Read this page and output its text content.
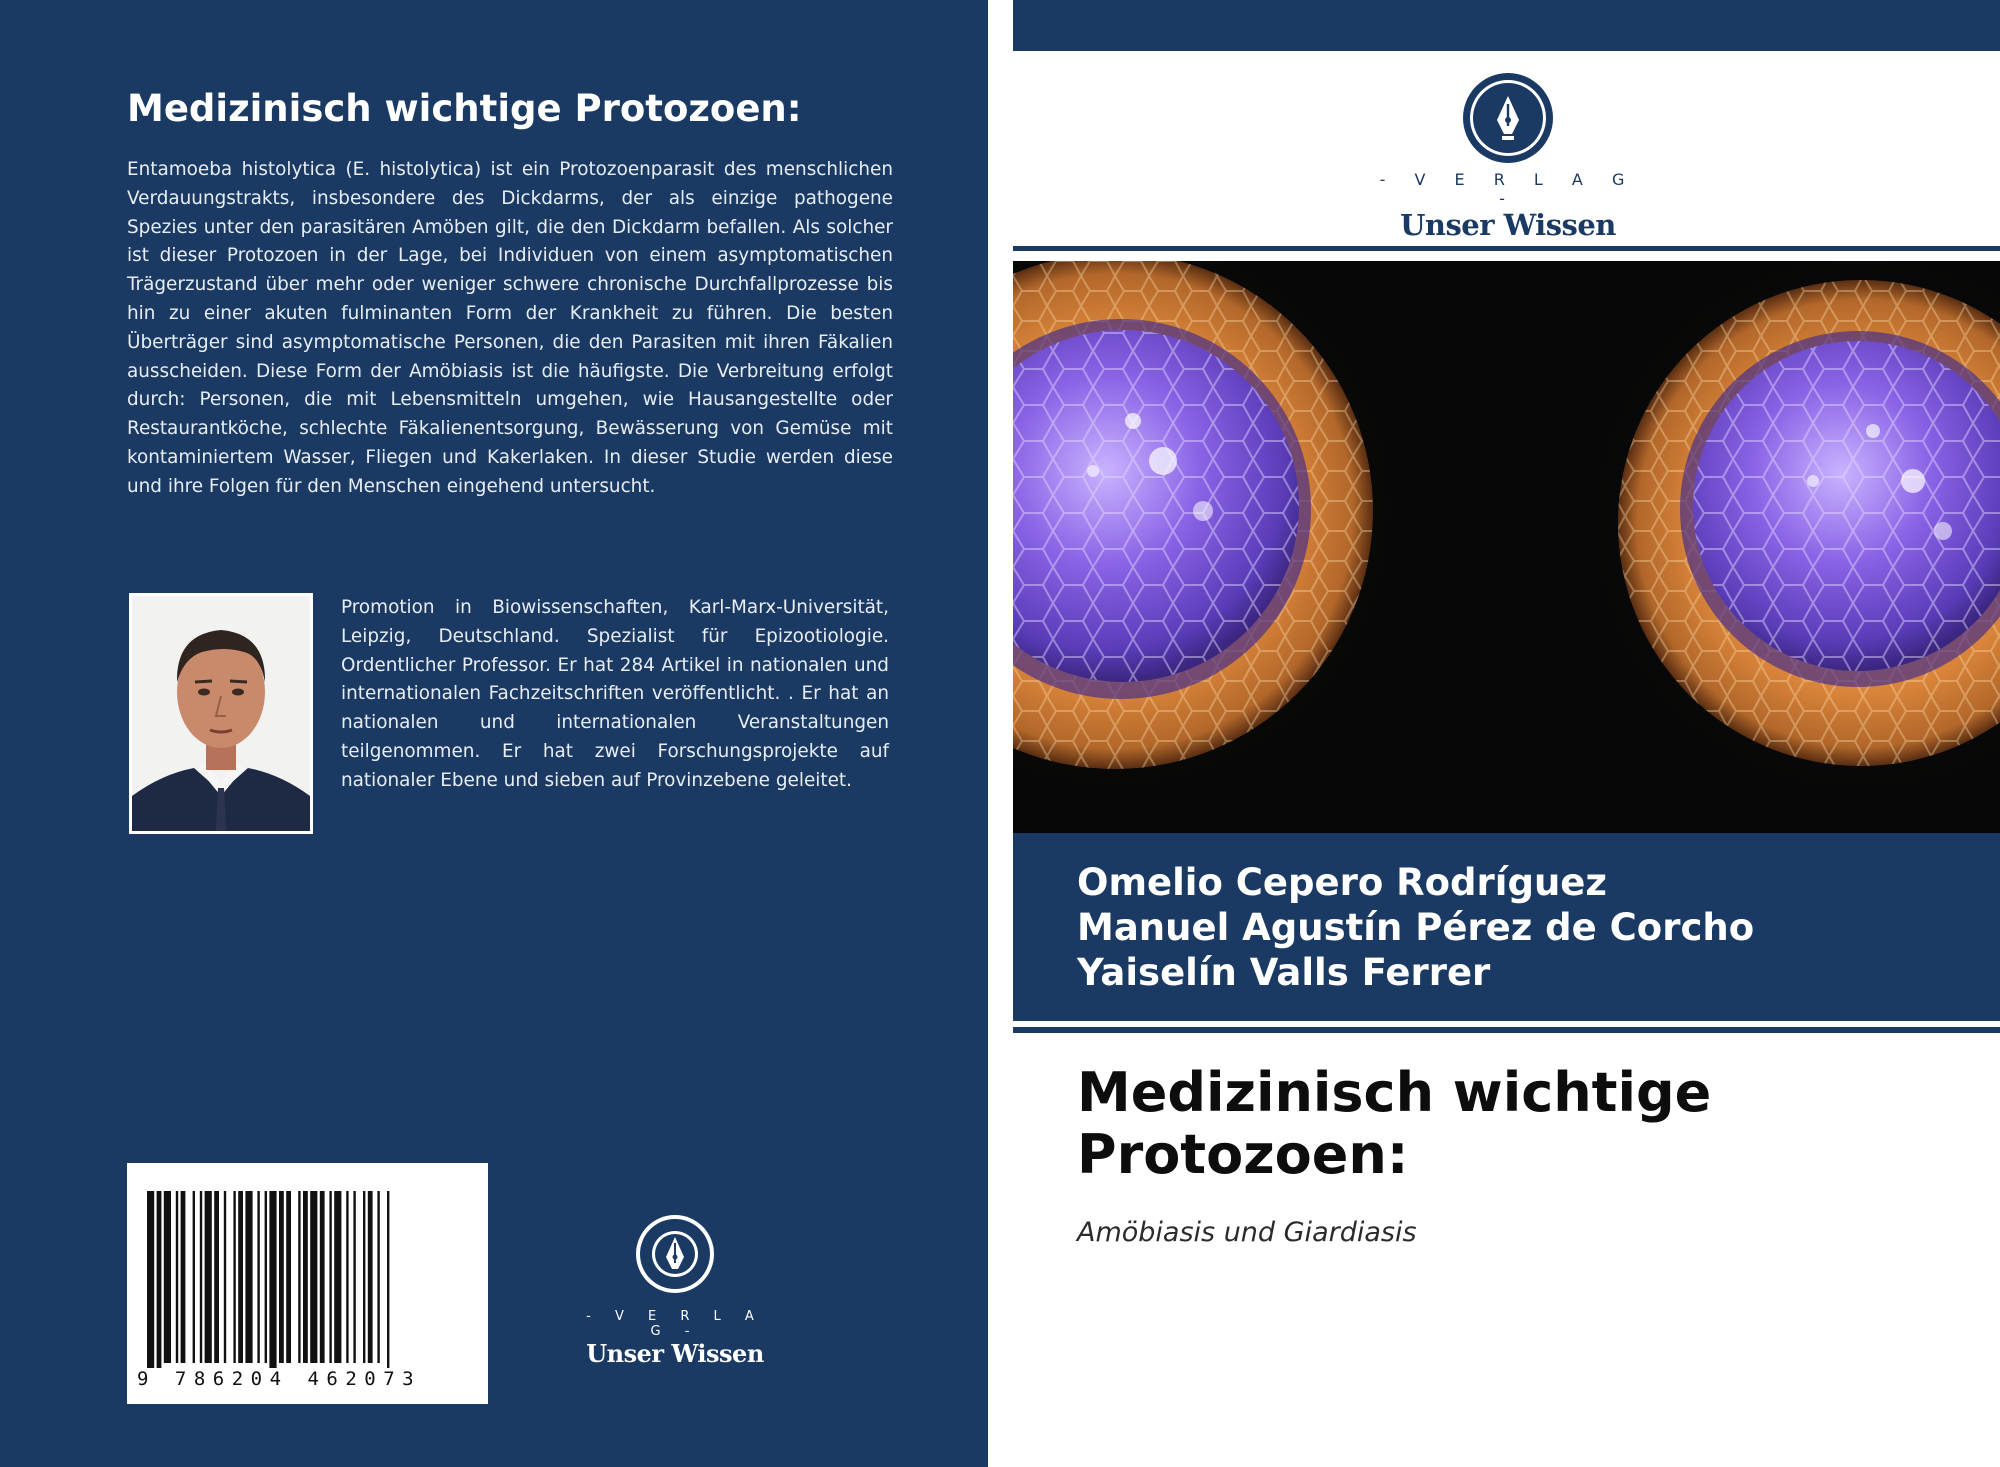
Medizinisch wichtige Protozoen:

Entamoeba histolytica (E. histolytica) ist ein Protozoenparasit des menschlichen Verdauungstrakts, insbesondere des Dickdarms, der als einzige pathogene Spezies unter den parasitären Amöben gilt, die den Dickdarm befallen. Als solcher ist dieser Protozoen in der Lage, bei Individuen von einem asymptomatischen Trägerzustand über mehr oder weniger schwere chronische Durchfallprozesse bis hin zu einer akuten fulminanten Form der Krankheit zu führen. Die besten Überträger sind asymptomatische Personen, die den Parasiten mit ihren Fäkalien ausscheiden. Diese Form der Amöbiasis ist die häufigste. Die Verbreitung erfolgt durch: Personen, die mit Lebensmitteln umgehen, wie Hausangestellte oder Restaurantköche, schlechte Fäkalienentsorgung, Bewässerung von Gemüse mit kontaminiertem Wasser, Fliegen und Kakerlaken. In dieser Studie werden diese und ihre Folgen für den Menschen eingehend untersucht.

Promotion in Biowissenschaften, Karl-Marx-Universität, Leipzig, Deutschland. Spezialist für Epizootiologie. Ordentlicher Professor. Er hat 284 Artikel in nationalen und internationalen Fachzeitschriften veröffentlicht. . Er hat an nationalen und internationalen Veranstaltungen teilgenommen. Er hat zwei Forschungsprojekte auf nationaler Ebene und sieben auf Provinzebene geleitet.

9 786204 462073
- V E R L A G -
Unser Wissen
- V E R L A G -
Unser Wissen
Omelio Cepero Rodríguez
Manuel Agustín Pérez de Corcho
Yaiselín Valls Ferrer
Medizinisch wichtige
Protozoen:
Amöbiasis und Giardiasis
